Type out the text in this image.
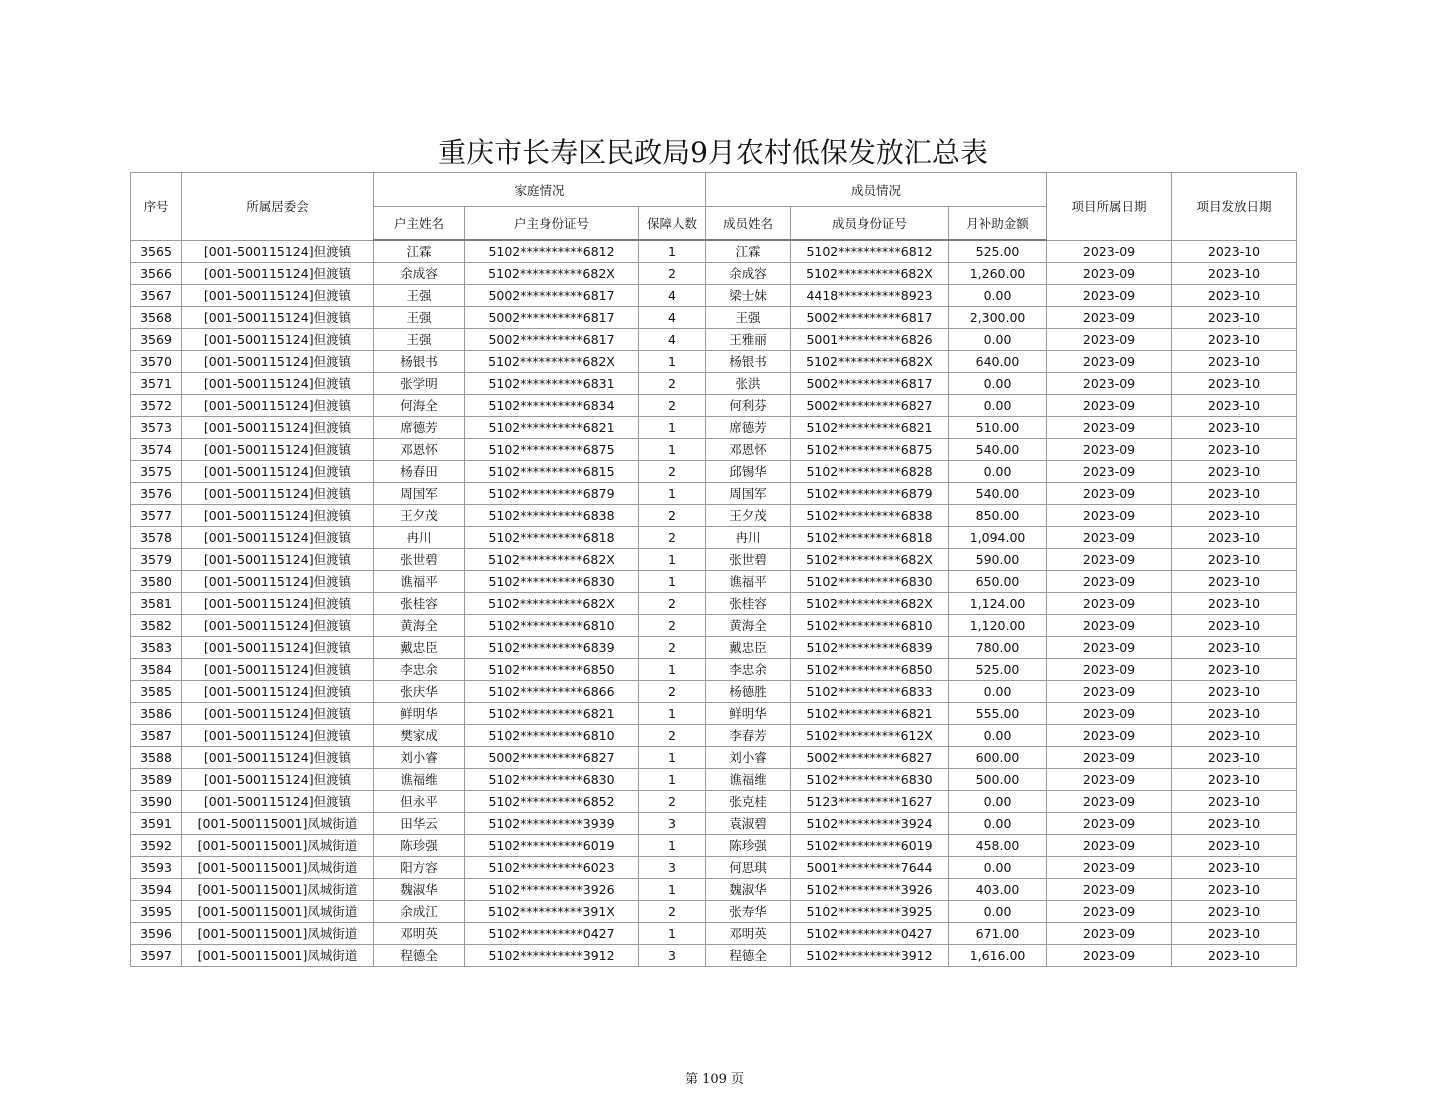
重庆市长寿区民政局9月农村低保发放汇总表
序号	所属居委会	家庭情况			成员情况			项目所属日期	项目发放日期
		户主姓名	户主身份证号	保障人数	成员姓名	成员身份证号	月补助金额		
3565	[001-500115124]但渡镇	江霖	5102**********6812	1	江霖	5102**********6812	525.00	2023-09	2023-10
3566	[001-500115124]但渡镇	余成容	5102**********682X	2	余成容	5102**********682X	1,260.00	2023-09	2023-10
3567	[001-500115124]但渡镇	王强	5002**********6817	4	梁士妹	4418**********8923	0.00	2023-09	2023-10
3568	[001-500115124]但渡镇	王强	5002**********6817	4	王强	5002**********6817	2,300.00	2023-09	2023-10
3569	[001-500115124]但渡镇	王强	5002**********6817	4	王雅丽	5001**********6826	0.00	2023-09	2023-10
3570	[001-500115124]但渡镇	杨银书	5102**********682X	1	杨银书	5102**********682X	640.00	2023-09	2023-10
3571	[001-500115124]但渡镇	张学明	5102**********6831	2	张洪	5002**********6817	0.00	2023-09	2023-10
3572	[001-500115124]但渡镇	何海全	5102**********6834	2	何利芬	5002**********6827	0.00	2023-09	2023-10
3573	[001-500115124]但渡镇	席德芳	5102**********6821	1	席德芳	5102**********6821	510.00	2023-09	2023-10
3574	[001-500115124]但渡镇	邓恩怀	5102**********6875	1	邓恩怀	5102**********6875	540.00	2023-09	2023-10
3575	[001-500115124]但渡镇	杨春田	5102**********6815	2	邱锡华	5102**********6828	0.00	2023-09	2023-10
3576	[001-500115124]但渡镇	周国军	5102**********6879	1	周国军	5102**********6879	540.00	2023-09	2023-10
3577	[001-500115124]但渡镇	王夕茂	5102**********6838	2	王夕茂	5102**********6838	850.00	2023-09	2023-10
3578	[001-500115124]但渡镇	冉川	5102**********6818	2	冉川	5102**********6818	1,094.00	2023-09	2023-10
3579	[001-500115124]但渡镇	张世碧	5102**********682X	1	张世碧	5102**********682X	590.00	2023-09	2023-10
3580	[001-500115124]但渡镇	谯福平	5102**********6830	1	谯福平	5102**********6830	650.00	2023-09	2023-10
3581	[001-500115124]但渡镇	张桂容	5102**********682X	2	张桂容	5102**********682X	1,124.00	2023-09	2023-10
3582	[001-500115124]但渡镇	黄海全	5102**********6810	2	黄海全	5102**********6810	1,120.00	2023-09	2023-10
3583	[001-500115124]但渡镇	戴忠臣	5102**********6839	2	戴忠臣	5102**********6839	780.00	2023-09	2023-10
3584	[001-500115124]但渡镇	李忠余	5102**********6850	1	李忠余	5102**********6850	525.00	2023-09	2023-10
3585	[001-500115124]但渡镇	张庆华	5102**********6866	2	杨德胜	5102**********6833	0.00	2023-09	2023-10
3586	[001-500115124]但渡镇	鲜明华	5102**********6821	1	鲜明华	5102**********6821	555.00	2023-09	2023-10
3587	[001-500115124]但渡镇	樊家成	5102**********6810	2	李春芳	5102**********612X	0.00	2023-09	2023-10
3588	[001-500115124]但渡镇	刘小睿	5002**********6827	1	刘小睿	5002**********6827	600.00	2023-09	2023-10
3589	[001-500115124]但渡镇	谯福维	5102**********6830	1	谯福维	5102**********6830	500.00	2023-09	2023-10
3590	[001-500115124]但渡镇	但永平	5102**********6852	2	张克桂	5123**********1627	0.00	2023-09	2023-10
3591	[001-500115001]凤城街道	田华云	5102**********3939	3	袁淑碧	5102**********3924	0.00	2023-09	2023-10
3592	[001-500115001]凤城街道	陈珍强	5102**********6019	1	陈珍强	5102**********6019	458.00	2023-09	2023-10
3593	[001-500115001]凤城街道	阳方容	5102**********6023	3	何思琪	5001**********7644	0.00	2023-09	2023-10
3594	[001-500115001]凤城街道	魏淑华	5102**********3926	1	魏淑华	5102**********3926	403.00	2023-09	2023-10
3595	[001-500115001]凤城街道	余成江	5102**********391X	2	张寿华	5102**********3925	0.00	2023-09	2023-10
3596	[001-500115001]凤城街道	邓明英	5102**********0427	1	邓明英	5102**********0427	671.00	2023-09	2023-10
3597	[001-500115001]凤城街道	程德全	5102**********3912	3	程德全	5102**********3912	1,616.00	2023-09	2023-10
第 109 页
